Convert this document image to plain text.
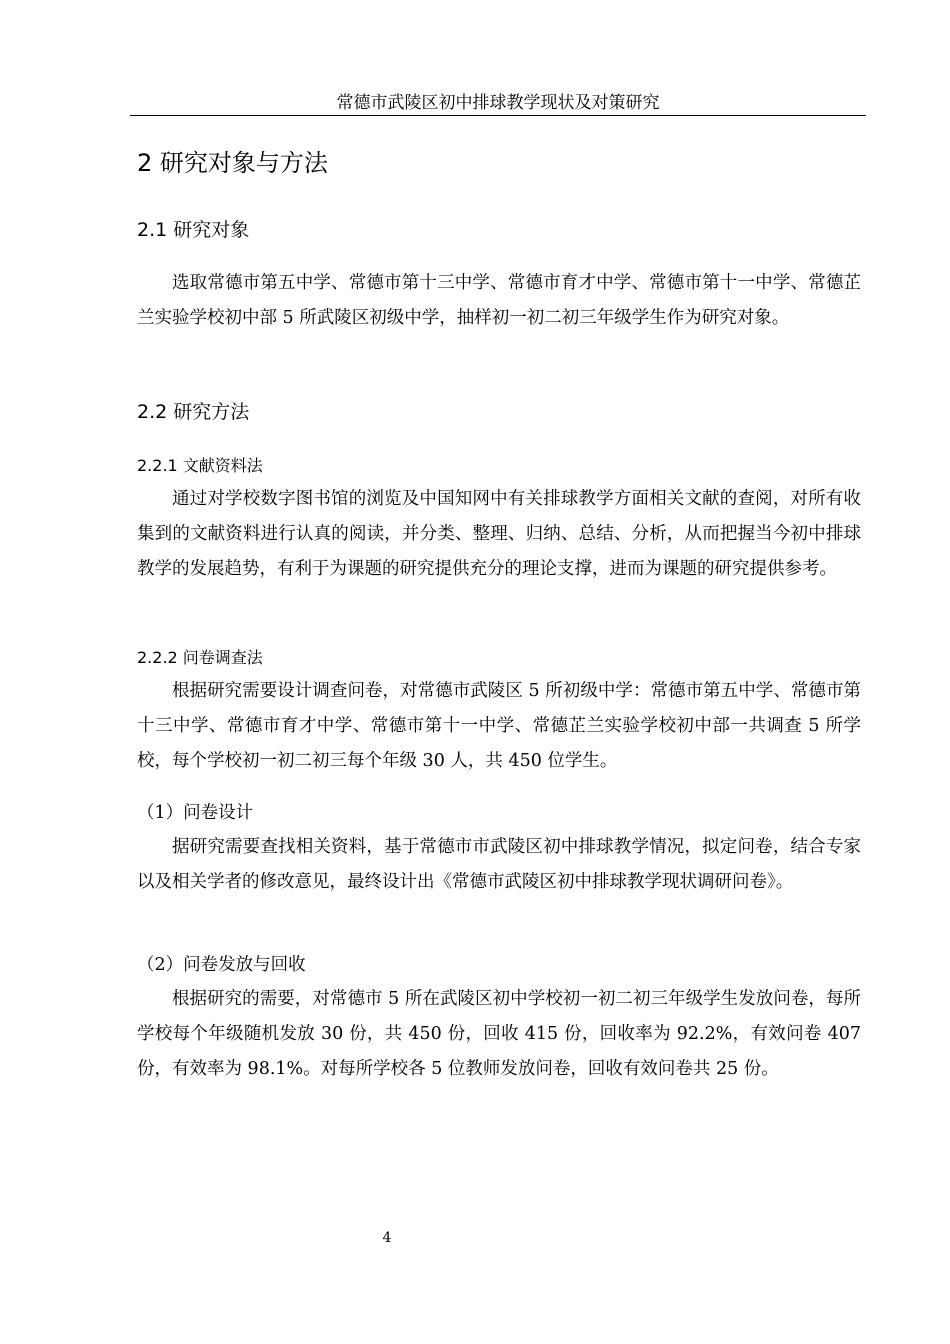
常德市武陵区初中排球教学现状及对策研究
2 研究对象与方法
2.1 研究对象

选取常德市第五中学、常德市第十三中学、常德市育才中学、常德市第十一中学、常德芷兰实验学校初中部 5 所武陵区初级中学，抽样初一初二初三年级学生作为研究对象。

2.2 研究方法
2.2.1 文献资料法

通过对学校数字图书馆的浏览及中国知网中有关排球教学方面相关文献的查阅，对所有收集到的文献资料进行认真的阅读，并分类、整理、归纳、总结、分析，从而把握当今初中排球教学的发展趋势，有利于为课题的研究提供充分的理论支撑，进而为课题的研究提供参考。

2.2.2 问卷调查法

根据研究需要设计调查问卷，对常德市武陵区 5 所初级中学：常德市第五中学、常德市第十三中学、常德市育才中学、常德市第十一中学、常德芷兰实验学校初中部一共调查 5 所学校，每个学校初一初二初三每个年级 30 人，共 450 位学生。

（1）问卷设计

据研究需要查找相关资料，基于常德市市武陵区初中排球教学情况，拟定问卷，结合专家以及相关学者的修改意见，最终设计出《常德市武陵区初中排球教学现状调研问卷》。

（2）问卷发放与回收

根据研究的需要，对常德市 5 所在武陵区初中学校初一初二初三年级学生发放问卷，每所学校每个年级随机发放 30 份，共 450 份，回收 415 份，回收率为 92.2%，有效问卷 407 份，有效率为 98.1%。对每所学校各 5 位教师发放问卷，回收有效问卷共 25 份。

4
